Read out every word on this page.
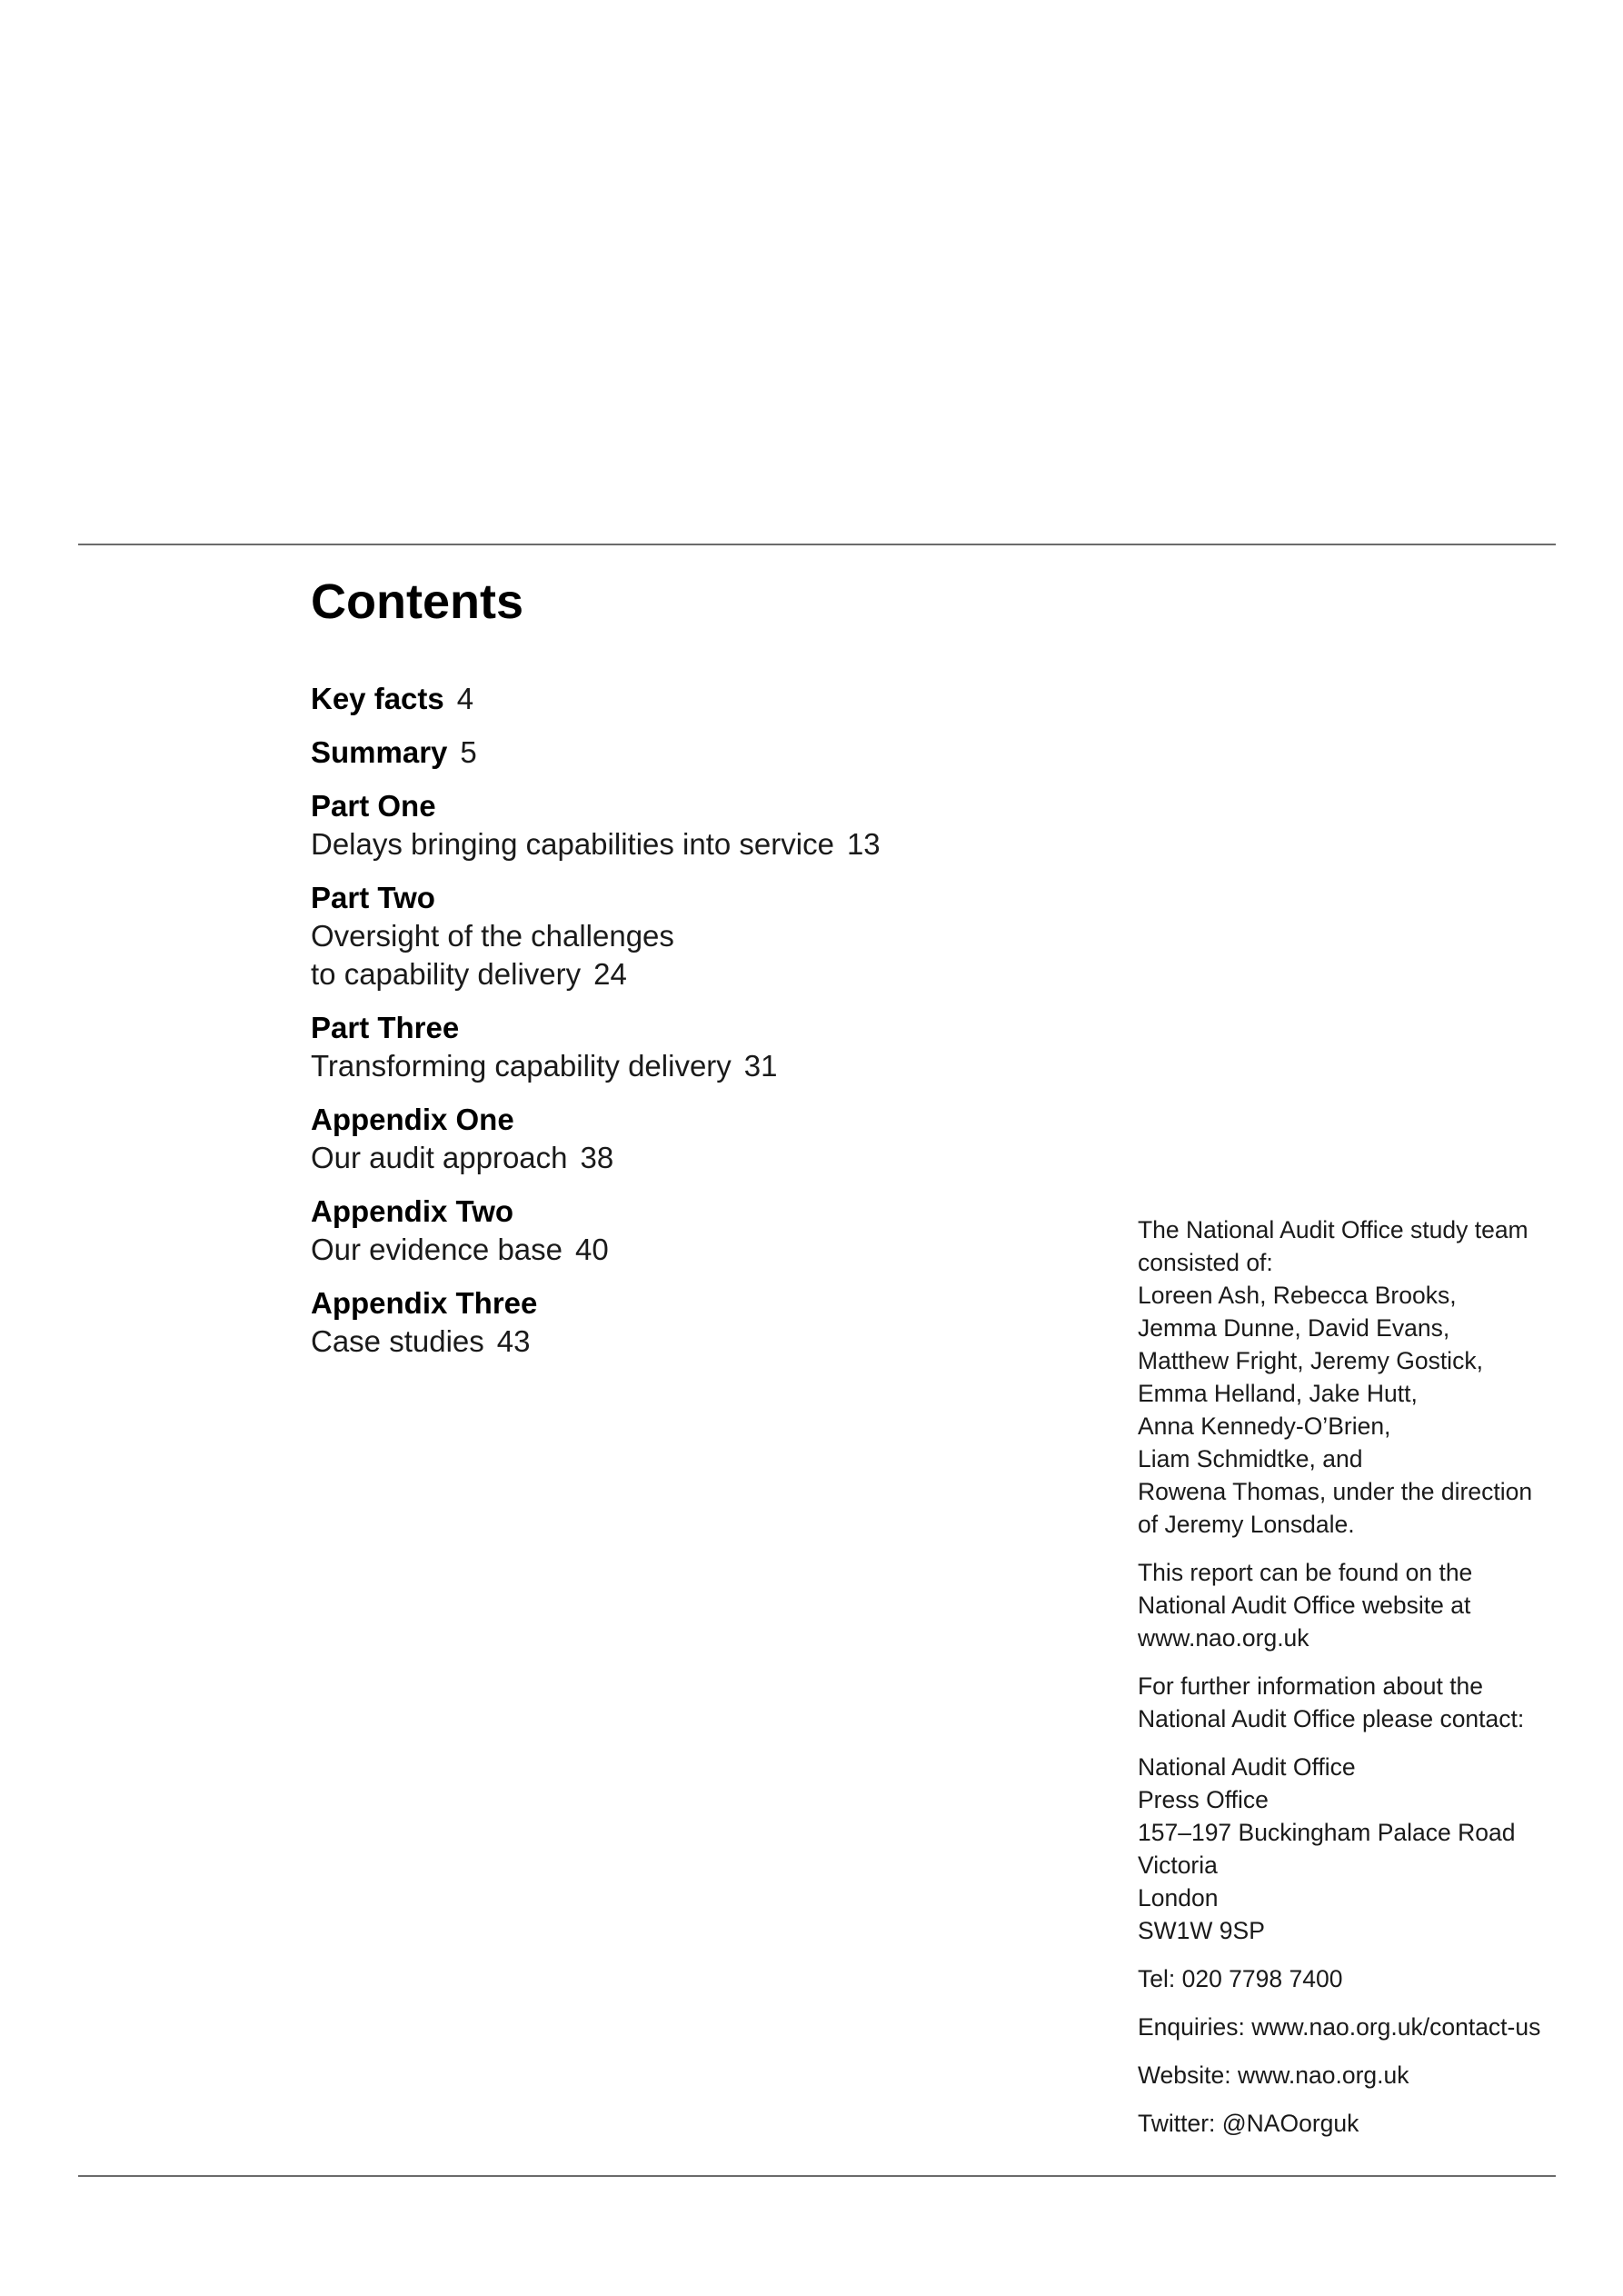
Contents
Key facts 4
Summary 5
Part One
Delays bringing capabilities into service 13
Part Two
Oversight of the challenges
to capability delivery 24
Part Three
Transforming capability delivery 31
Appendix One
Our audit approach 38
Appendix Two
Our evidence base 40
Appendix Three
Case studies 43

The National Audit Office study team
consisted of:
Loreen Ash, Rebecca Brooks,
Jemma Dunne, David Evans,
Matthew Fright, Jeremy Gostick,
Emma Helland, Jake Hutt,
Anna Kennedy-O’Brien,
Liam Schmidtke, and
Rowena Thomas, under the direction
of Jeremy Lonsdale.

This report can be found on the
National Audit Office website at
www.nao.org.uk

For further information about the
National Audit Office please contact:

National Audit Office
Press Office
157–197 Buckingham Palace Road
Victoria
London
SW1W 9SP

Tel: 020 7798 7400

Enquiries: www.nao.org.uk/contact-us

Website: www.nao.org.uk

Twitter: @NAOorguk
